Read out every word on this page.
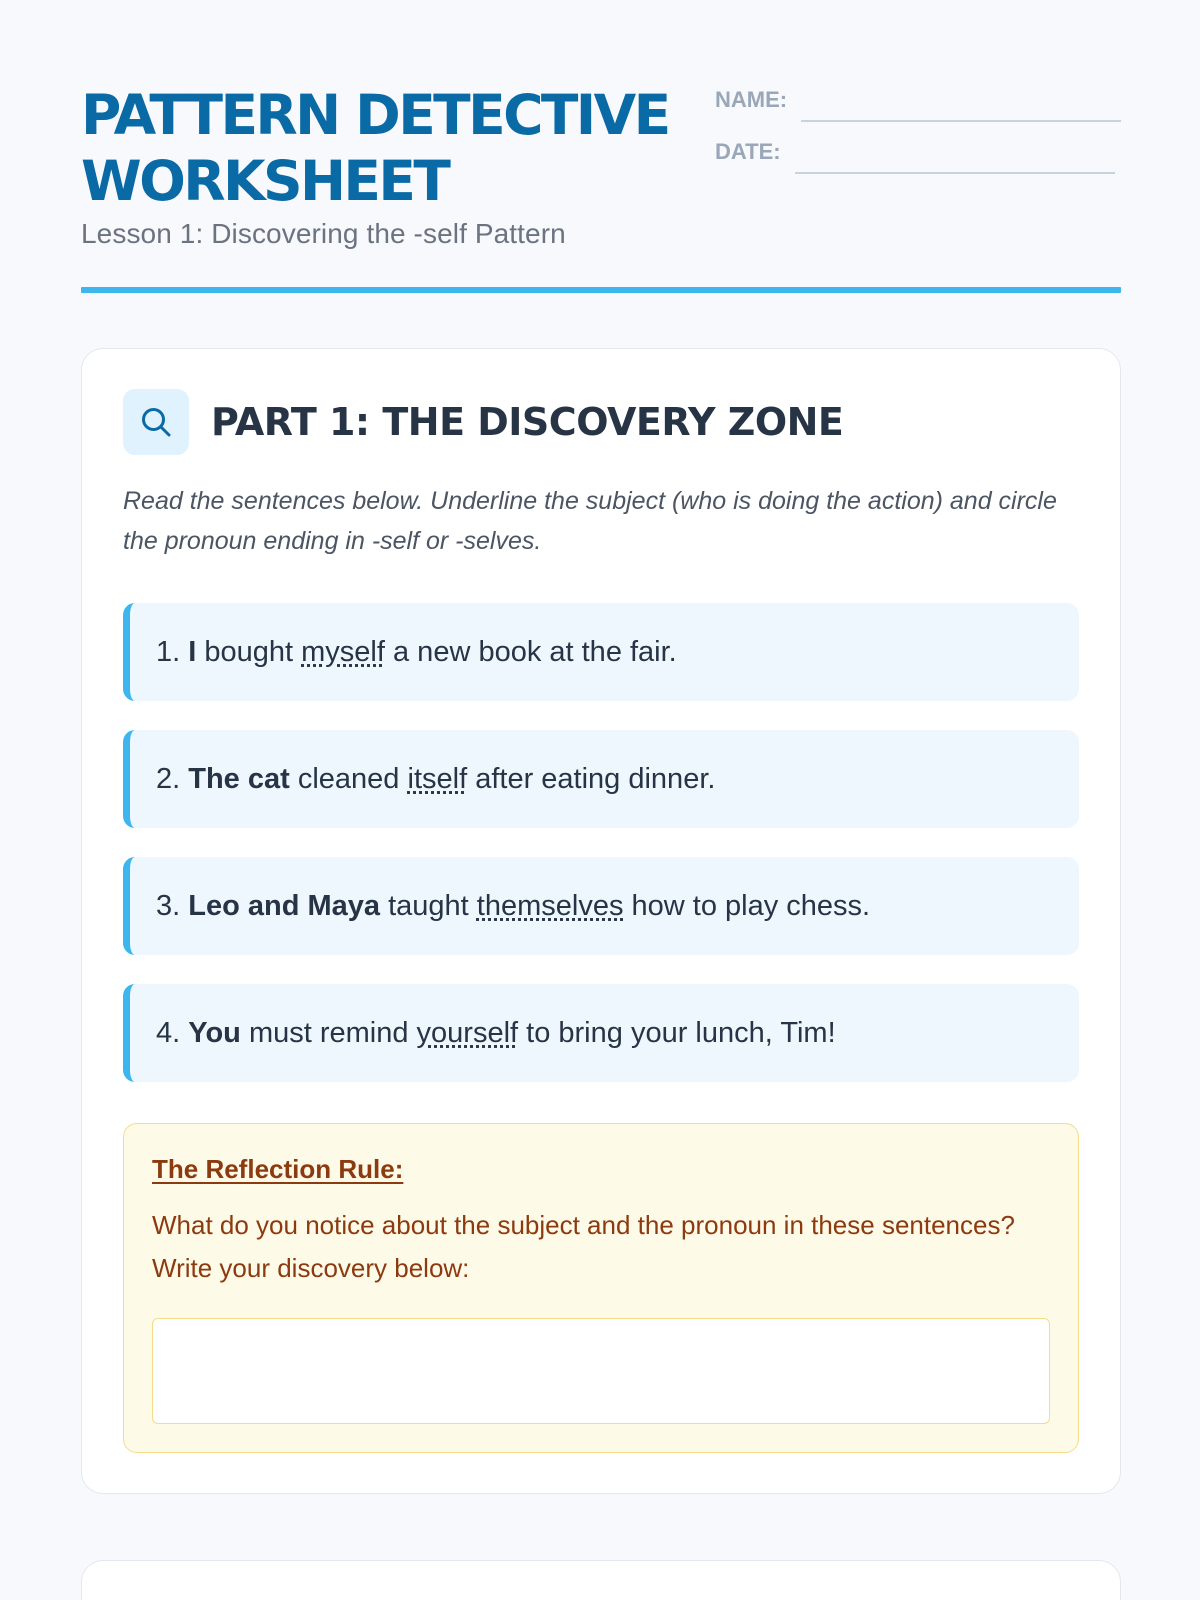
PATTERN DETECTIVE
WORKSHEET
Lesson 1: Discovering the -self Pattern
NAME:
DATE:
PART 1: THE DISCOVERY ZONE

Read the sentences below. Underline the subject (who is doing the action) and circle the pronoun ending in -self or -selves.

1.
I
bought
myself
a new book at the fair.
2.
The cat
cleaned
itself
after eating dinner.
3.
Leo and Maya
taught
themselves
how to play chess.
4.
You
must remind
yourself
to bring your lunch, Tim!
The Reflection Rule:

What do you notice about the subject and the pronoun in these sentences? Write your discovery below:
